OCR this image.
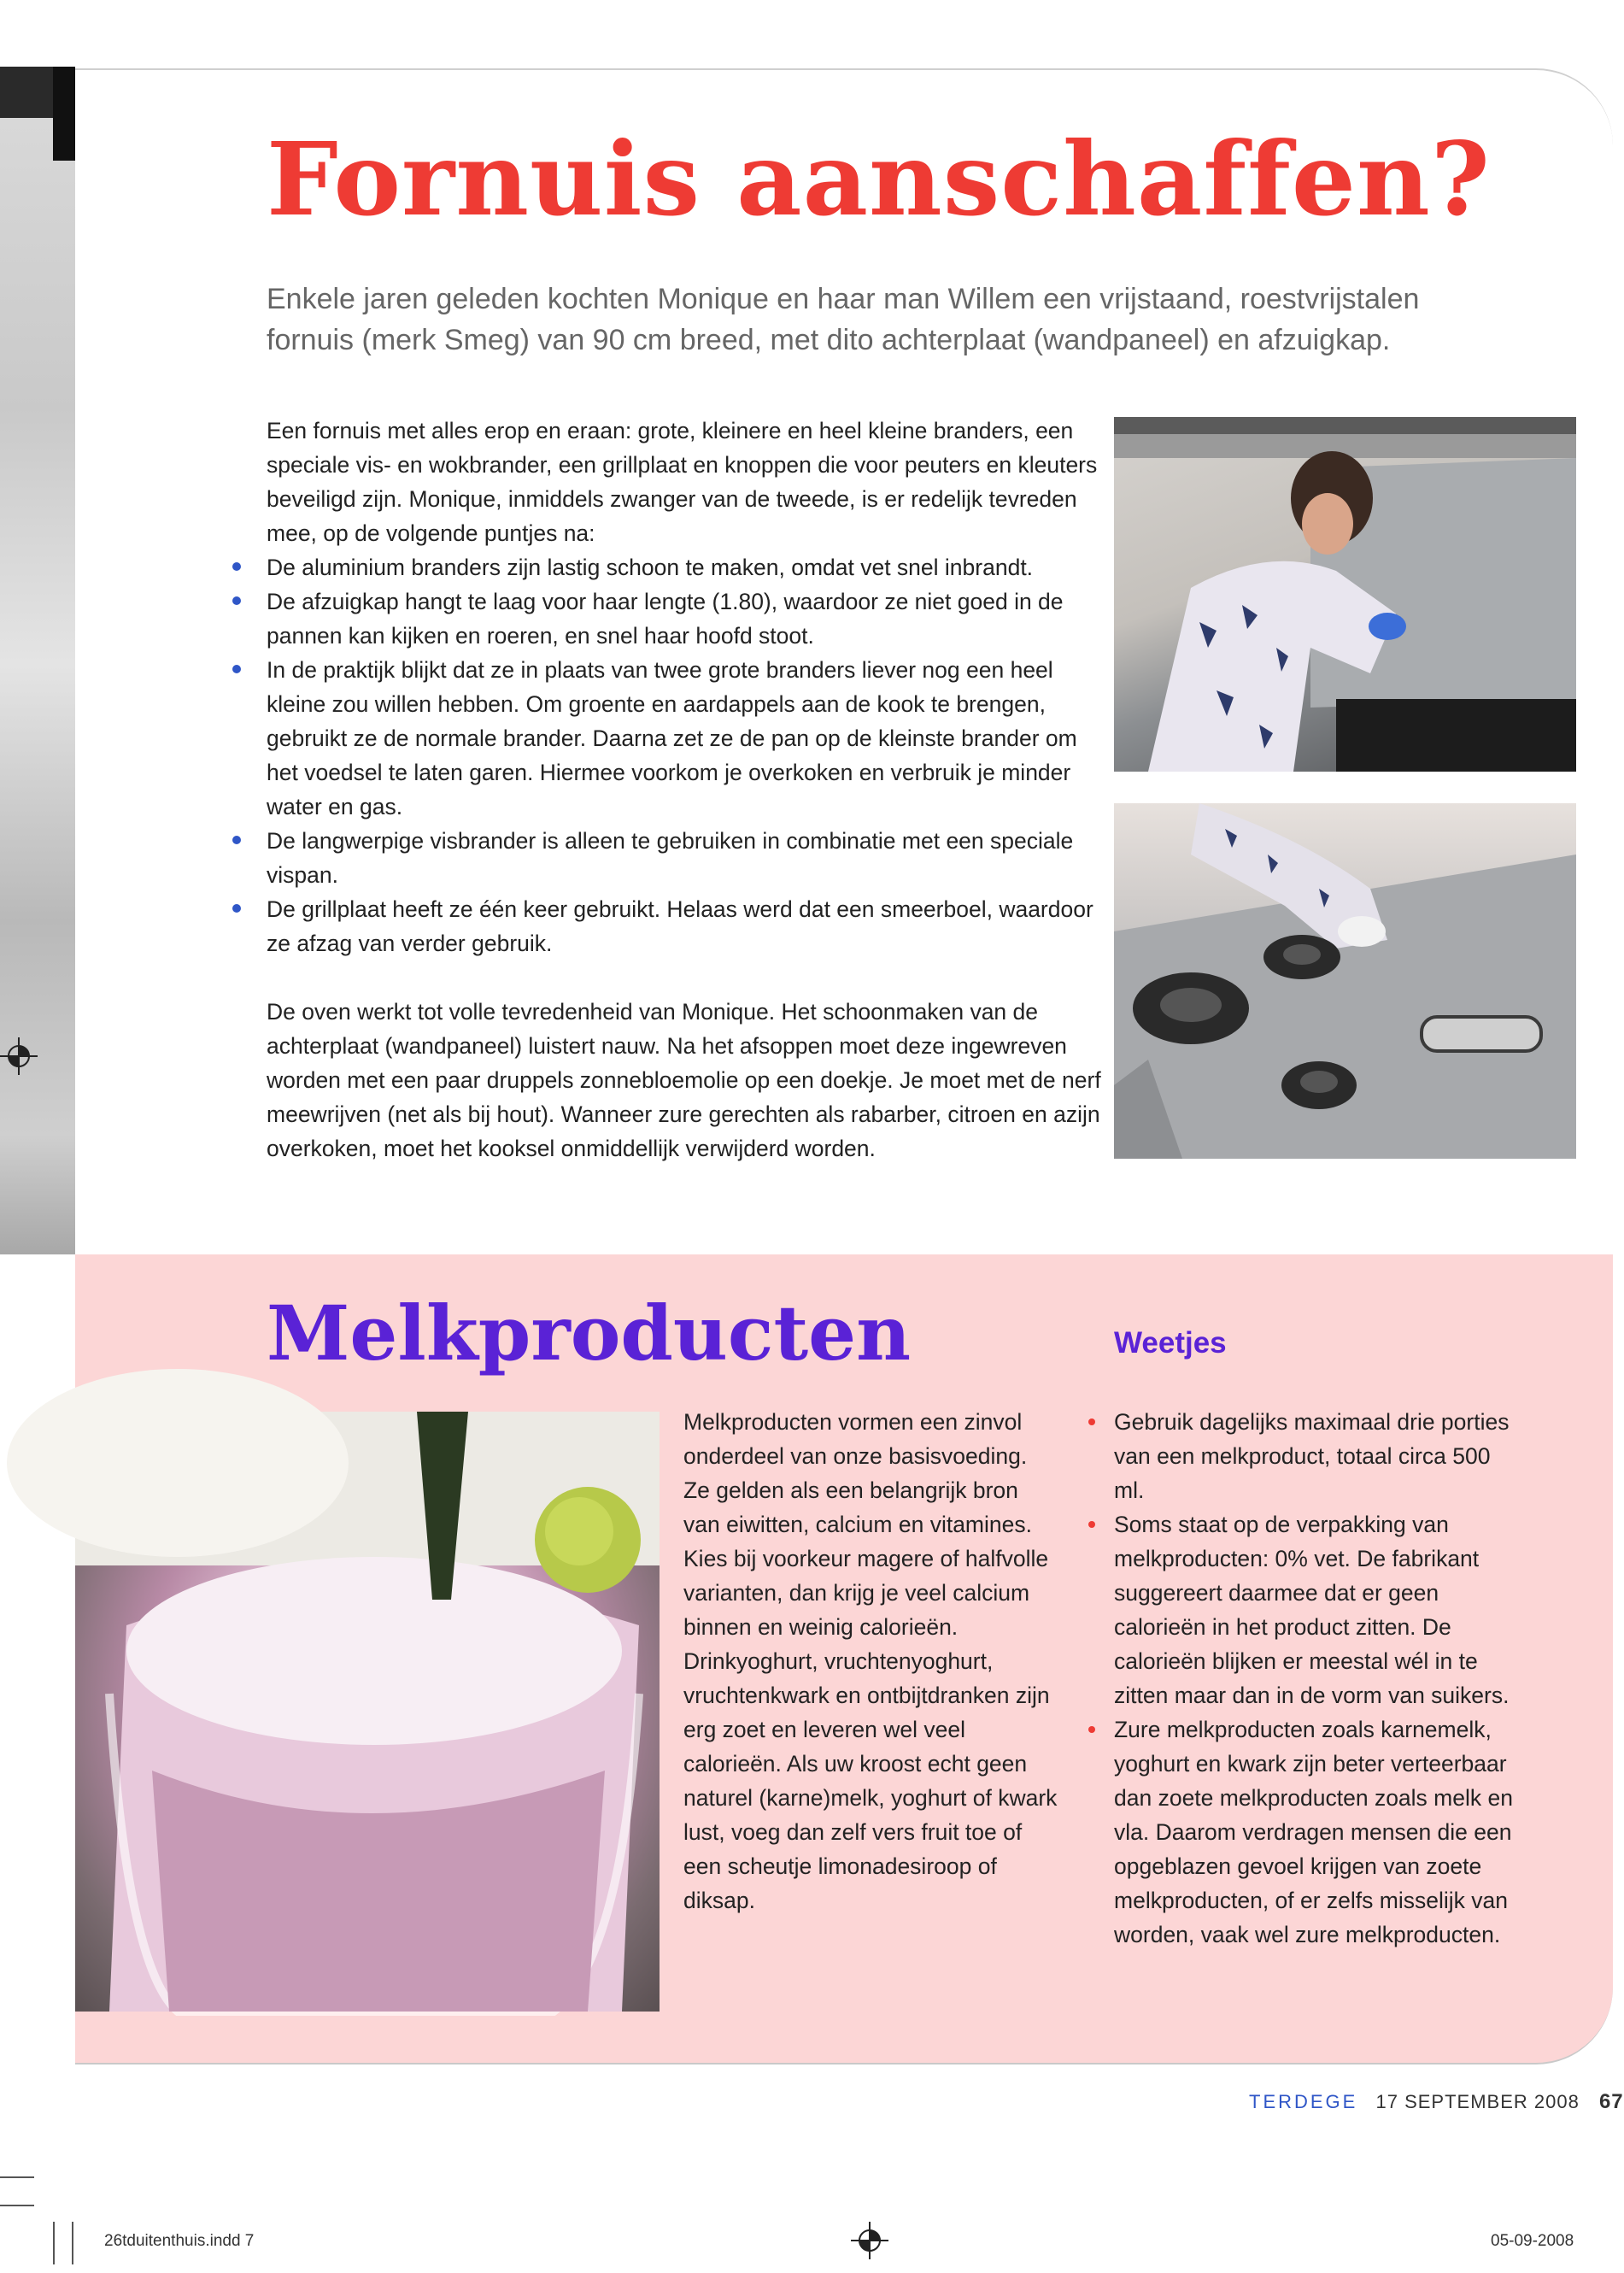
Fornuis aanschaffen?
Enkele jaren geleden kochten Monique en haar man Willem een vrijstaand, roestvrijstalen fornuis (merk Smeg) van 90 cm breed, met dito achterplaat (wandpaneel) en afzuigkap.

Een fornuis met alles erop en eraan: grote, kleinere en heel kleine branders, een speciale vis- en wokbrander, een grillplaat en knoppen die voor peuters en kleuters beveiligd zijn. Monique, inmiddels zwanger van de tweede, is er redelijk tevreden mee, op de volgende puntjes na:

De aluminium branders zijn lastig schoon te maken, omdat vet snel inbrandt.
De afzuigkap hangt te laag voor haar lengte (1.80), waardoor ze niet goed in de pannen kan kijken en roeren, en snel haar hoofd stoot.
In de praktijk blijkt dat ze in plaats van twee grote branders liever nog een heel kleine zou willen hebben. Om groente en aardappels aan de kook te brengen, gebruikt ze de normale brander. Daarna zet ze de pan op de kleinste brander om het voedsel te laten garen. Hiermee voorkom je overkoken en verbruik je minder water en gas.
De langwerpige visbrander is alleen te gebruiken in combinatie met een speciale vispan.
De grillplaat heeft ze één keer gebruikt. Helaas werd dat een smeerboel, waardoor ze afzag van verder gebruik.

De oven werkt tot volle tevredenheid van Monique. Het schoonmaken van de achterplaat (wandpaneel) luistert nauw. Na het afsoppen moet deze ingewreven worden met een paar druppels zonnebloemolie op een doekje. Je moet met de nerf meewrijven (net als bij hout). Wanneer zure gerechten als rabarber, citroen en azijn overkoken, moet het kooksel onmiddellijk verwijderd worden.

Melkproducten	Weetjes
Melkproducten vormen een zinvol onderdeel van onze basisvoeding. Ze gelden als een belangrijk bron van eiwitten, calcium en vitamines. Kies bij voorkeur magere of halfvolle varianten, dan krijg je veel calcium binnen en weinig calorieën. Drinkyoghurt, vruchtenyoghurt, vruchtenkwark en ontbijtdranken zijn erg zoet en leveren wel veel calorieën. Als uw kroost echt geen naturel (karne)melk, yoghurt of kwark lust, voeg dan zelf vers fruit toe of een scheutje limonadesiroop of diksap.
Gebruik dagelijks maximaal drie porties van een melkproduct, totaal circa 500 ml.
Soms staat op de verpakking van melkproducten: 0% vet. De fabrikant suggereert daarmee dat er geen calorieën in het product zitten. De calorieën blijken er meestal wél in te zitten maar dan in de vorm van suikers.
Zure melkproducten zoals karnemelk, yoghurt en kwark zijn beter verteerbaar dan zoete melkproducten zoals melk en vla. Daarom verdragen mensen die een opgeblazen gevoel krijgen van zoete melkproducten, of er zelfs misselijk van worden, vaak wel zure melkproducten.
TERDEGE 17 SEPTEMBER 2008 67
26tduitenthuis.indd 7	05-09-2008
